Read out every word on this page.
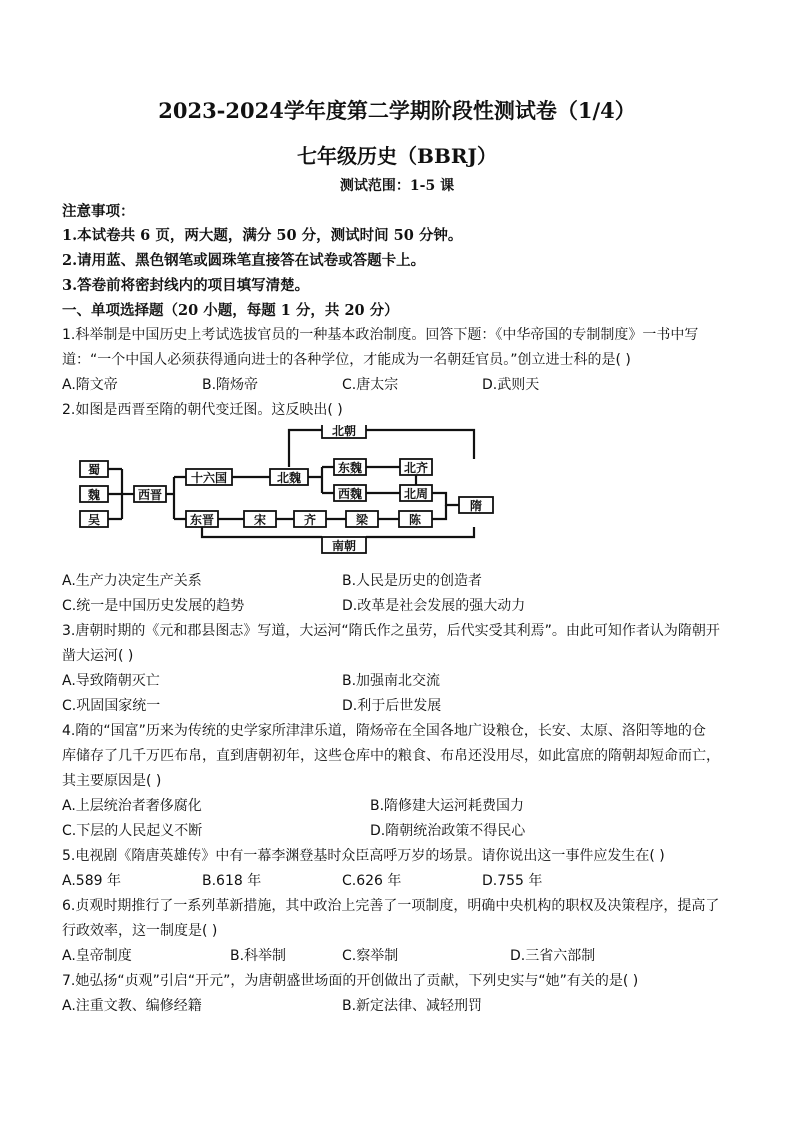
2023-2024学年度第二学期阶段性测试卷（1/4）
七年级历史（BBRJ）
测试范围：1-5 课
注意事项：
1.本试卷共 6 页，两大题，满分 50 分，测试时间 50 分钟。
2.请用蓝、黑色钢笔或圆珠笔直接答在试卷或答题卡上。
3.答卷前将密封线内的项目填写清楚。
一、单项选择题（20 小题，每题 1 分，共 20 分）
1.科举制是中国历史上考试选拔官员的一种基本政治制度。回答下题：《中华帝国的专制制度》一书中写
道：“一个中国人必须获得通向进士的各种学位，才能成为一名朝廷官员。”创立进士科的是( )
A.隋文帝	B.隋炀帝	C.唐太宗	D.武则天
2.如图是西晋至隋的朝代变迁图。这反映出( )
蜀
魏
吴
西晋
十六国	北魏
北朝
东魏
西魏
北齐
北周
隋
东晋	宋	齐	梁	陈
南朝
A.生产力决定生产关系	B.人民是历史的创造者
C.统一是中国历史发展的趋势	D.改革是社会发展的强大动力
3.唐朝时期的《元和郡县图志》写道，大运河“隋氏作之虽劳，后代实受其利焉”。由此可知作者认为隋朝开
凿大运河( )
A.导致隋朝灭亡	B.加强南北交流
C.巩固国家统一	D.利于后世发展
4.隋的“国富”历来为传统的史学家所津津乐道，隋炀帝在全国各地广设粮仓，长安、太原、洛阳等地的仓
库储存了几千万匹布帛，直到唐朝初年，这些仓库中的粮食、布帛还没用尽，如此富庶的隋朝却短命而亡，
其主要原因是( )
A.上层统治者奢侈腐化	B.隋修建大运河耗费国力
C.下层的人民起义不断	D.隋朝统治政策不得民心
5.电视剧《隋唐英雄传》中有一幕李渊登基时众臣高呼万岁的场景。请你说出这一事件应发生在( )
A.589 年	B.618 年	C.626 年	D.755 年
6.贞观时期推行了一系列革新措施，其中政治上完善了一项制度，明确中央机构的职权及决策程序，提高了
行政效率，这一制度是( )
A.皇帝制度	B.科举制	C.察举制	D.三省六部制
7.她弘扬“贞观”引启“开元”，为唐朝盛世场面的开创做出了贡献，下列史实与“她”有关的是( )
A.注重文教、编修经籍	B.新定法律、减轻刑罚
